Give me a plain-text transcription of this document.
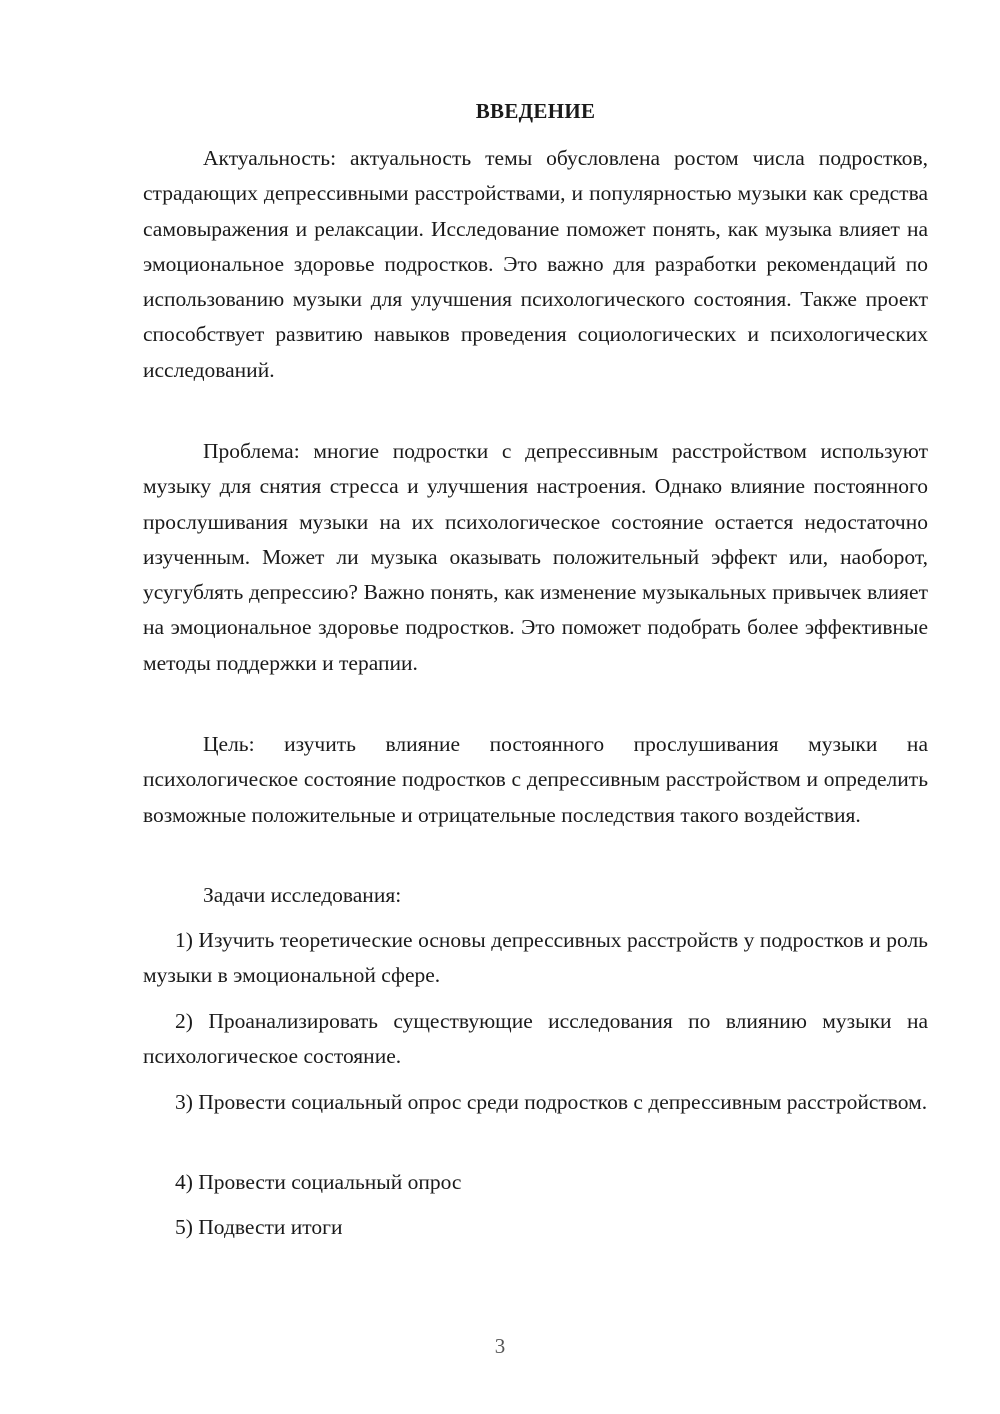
ВВЕДЕНИЕ

Актуальность: актуальность темы обусловлена ростом числа подростков, страдающих депрессивными расстройствами, и популярностью музыки как средства самовыражения и релаксации. Исследование поможет понять, как музыка влияет на эмоциональное здоровье подростков. Это важно для разработки рекомендаций по использованию музыки для улучшения психологического состояния. Также проект способствует развитию навыков проведения социологических и психологических исследований.

Проблема: многие подростки с депрессивным расстройством используют музыку для снятия стресса и улучшения настроения. Однако влияние постоянного прослушивания музыки на их психологическое состояние остается недостаточно изученным. Может ли музыка оказывать положительный эффект или, наоборот, усугублять депрессию? Важно понять, как изменение музыкальных привычек влияет на эмоциональное здоровье подростков. Это поможет подобрать более эффективные методы поддержки и терапии.

Цель: изучить влияние постоянного прослушивания музыки на психологическое состояние подростков с депрессивным расстройством и определить возможные положительные и отрицательные последствия такого воздействия.

Задачи исследования:

1) Изучить теоретические основы депрессивных расстройств у подростков и роль музыки в эмоциональной сфере.

2) Проанализировать существующие исследования по влиянию музыки на психологическое состояние.

3) Провести социальный опрос среди подростков с депрессивным расстройством.

4) Провести социальный опрос

5) Подвести итоги

3
